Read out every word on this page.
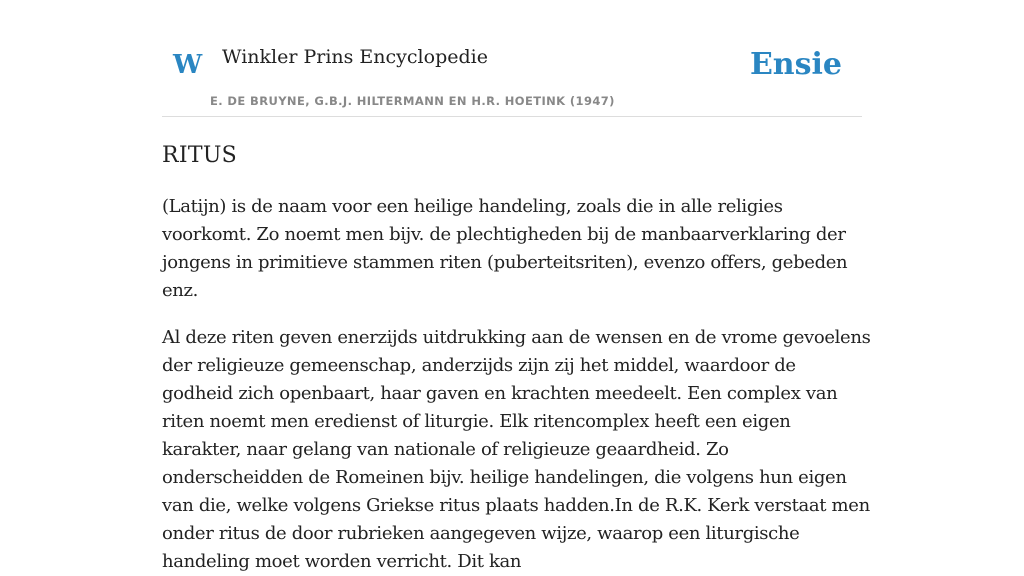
W Winkler Prins Encyclopedie
E. DE BRUYNE, G.B.J. HILTERMANN EN H.R. HOETINK (1947)
Ensie
RITUS

(Latijn) is de naam voor een heilige handeling, zoals die in alle religies voorkomt. Zo noemt men bijv. de plechtigheden bij de manbaarverklaring der jongens in primitieve stammen riten (puberteitsriten), evenzo offers, gebeden enz.

Al deze riten geven enerzijds uitdrukking aan de wensen en de vrome gevoelens der religieuze gemeenschap, anderzijds zijn zij het middel, waardoor de godheid zich openbaart, haar gaven en krachten meedeelt. Een complex van riten noemt men eredienst of liturgie. Elk ritencomplex heeft een eigen karakter, naar gelang van nationale of religieuze geaardheid. Zo onderscheidden de Romeinen bijv. heilige handelingen, die volgens hun eigen van die, welke volgens Griekse ritus plaats hadden.In de R.K. Kerk verstaat men onder ritus de door rubrieken aangegeven wijze, waarop een liturgische handeling moet worden verricht. Dit kan
